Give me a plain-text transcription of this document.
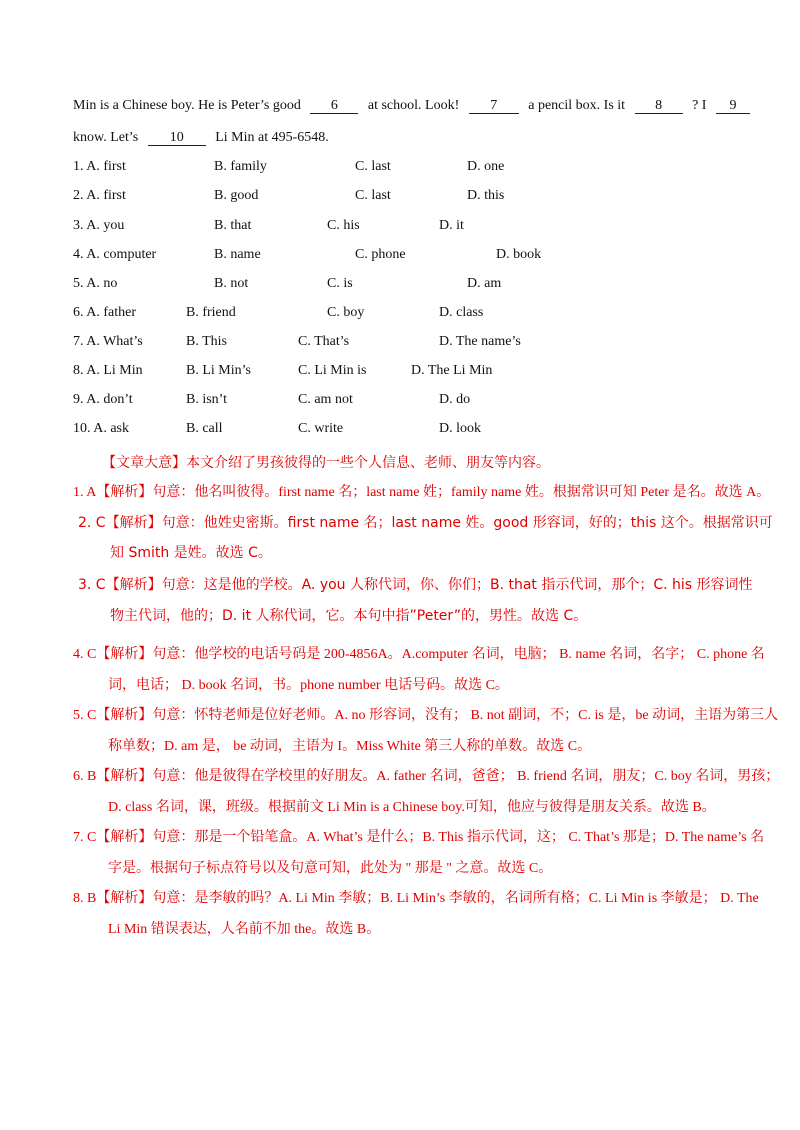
Min is a Chinese boy. He is Peter’s good 6 at school. Look! 7 a pencil box. Is it 8 ? I 9
know. Let’s 10 Li Min at 495-6548.
1. A. first	B. family	C. last	D. one
2. A. first	B. good	C. last	D. this
3. A. you	B. that	C. his	D. it
4. A. computer	B. name	C. phone	D. book
5. A. no	B. not	C. is	D. am
6. A. father	B. friend	C. boy	D. class
7. A. What’s	B. This	C. That’s	D. The name’s
8. A. Li Min	B. Li Min’s	C. Li Min is	D. The Li Min
9. A. don’t	B. isn’t	C. am not	D. do
10. A. ask	B. call	C. write	D. look
【文章大意】本文介绍了男孩彼得的一些个人信息、老师、朋友等内容。
1. A【解析】句意：他名叫彼得。first name 名；last name 姓；family name 姓。根据常识可知 Peter 是名。故选 A。
2. C【解析】句意：他姓史密斯。first name 名；last name 姓。good 形容词，好的；this 这个。根据常识可
知 Smith 是姓。故选 C。
3. C【解析】句意：这是他的学校。A. you 人称代词，你、你们；B. that 指示代词，那个；C. his 形容词性
物主代词，他的；D. it 人称代词，它。本句中指”Peter”的，男性。故选 C。
4. C【解析】句意：他学校的电话号码是 200-4856A。A.computer 名词，电脑； B. name 名词，名字； C. phone 名
词，电话； D. book 名词，书。phone number 电话号码。故选 C。
5. C【解析】句意：怀特老师是位好老师。A. no 形容词，没有； B. not 副词，不；C. is 是，be 动词，主语为第三人
称单数；D. am 是， be 动词，主语为 I。Miss White 第三人称的单数。故选 C。
6. B【解析】句意：他是彼得在学校里的好朋友。A. father 名词，爸爸； B. friend 名词，朋友；C. boy 名词，男孩；
D. class 名词，课，班级。根据前文 Li Min is a Chinese boy.可知，他应与彼得是朋友关系。故选 B。
7. C【解析】句意：那是一个铅笔盒。A. What’s 是什么；B. This 指示代词，这； C. That’s 那是；D. The name’s 名
字是。根据句子标点符号以及句意可知，此处为 " 那是 " 之意。故选 C。
8. B【解析】句意：是李敏的吗？A. Li Min 李敏；B. Li Min’s 李敏的，名词所有格；C. Li Min is 李敏是； D. The
Li Min 错误表达，人名前不加 the。故选 B。
